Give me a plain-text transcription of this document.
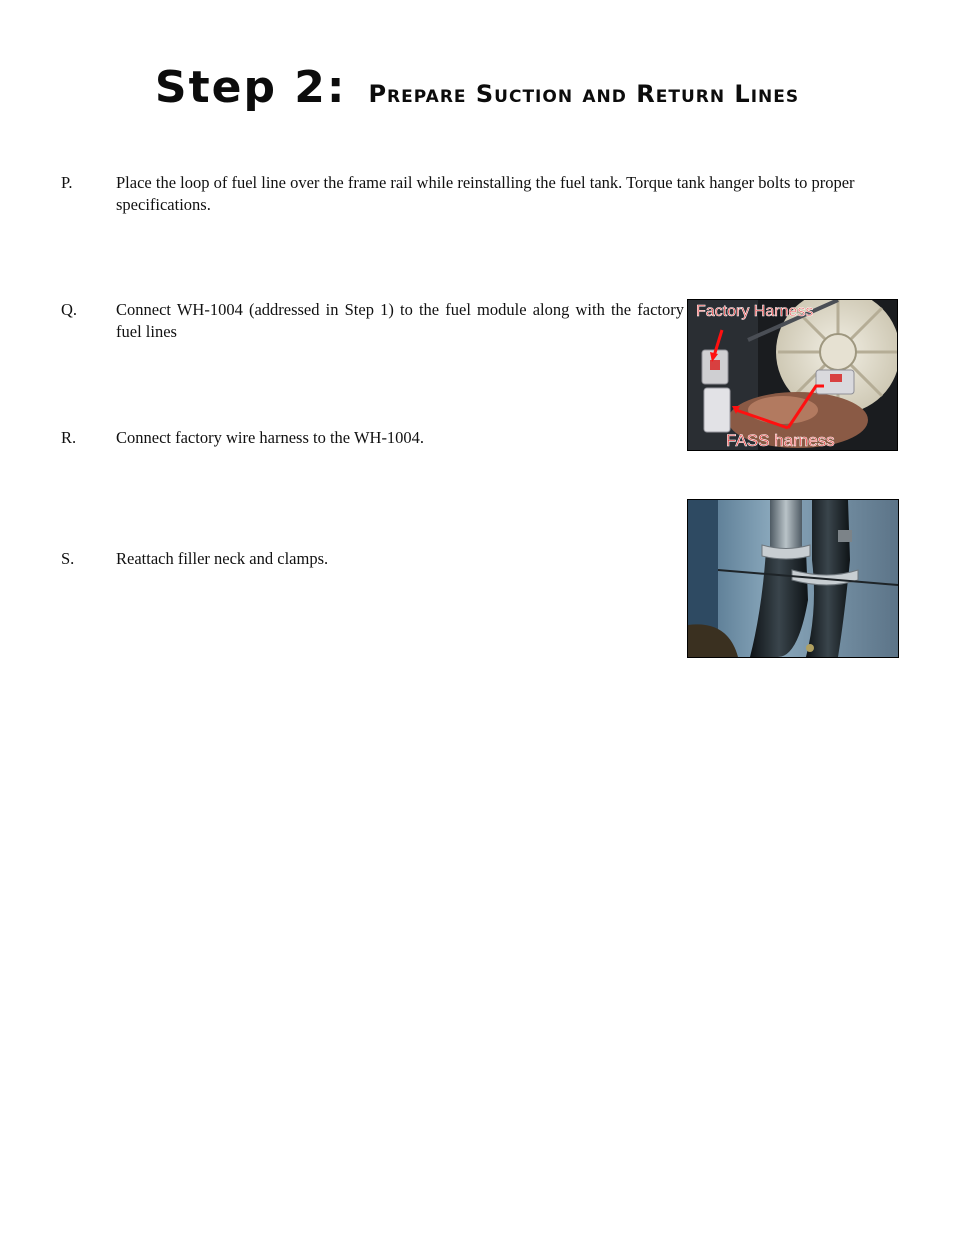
Step 2: Prepare Suction and Return Lines
P.	Place the loop of fuel line over the frame rail while reinstalling the fuel tank. Torque tank hanger bolts to proper specifications.
Q.	Connect WH-1004 (addressed in Step 1) to the fuel module along with the factory fuel lines
R.	Connect factory wire harness to the WH-1004.
S.	Reattach filler neck and clamps.
Factory Harness
FASS harness
